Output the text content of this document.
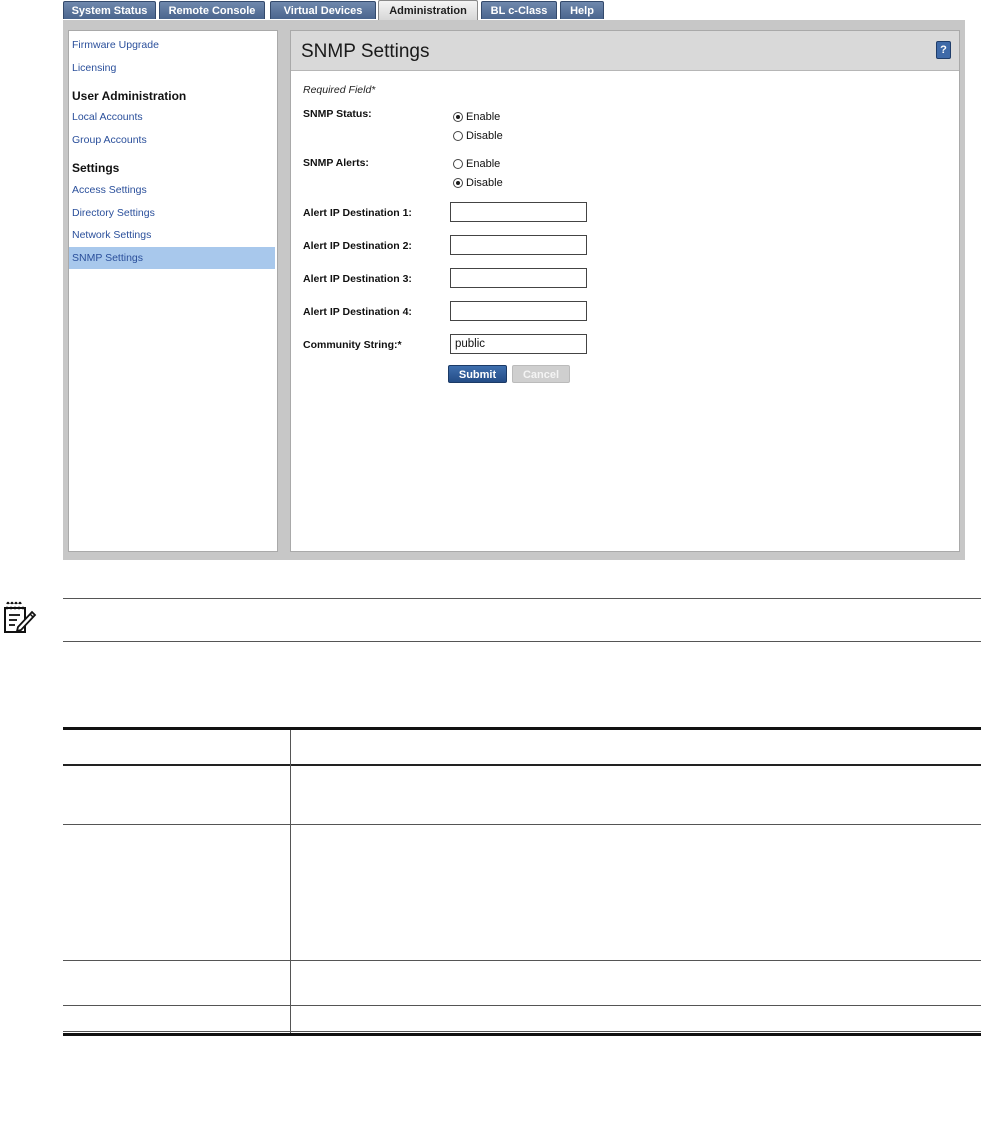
System Status	Remote Console	Virtual Devices	Administration	BL c-Class	Help
Firmware Upgrade
Licensing
User Administration
Local Accounts
Group Accounts
Settings
Access Settings
Directory Settings
Network Settings
SNMP Settings
SNMP Settings	?
Required Field*
SNMP Status:	Enable
Disable
SNMP Alerts:	Enable
Disable
Alert IP Destination 1:
Alert IP Destination 2:
Alert IP Destination 3:
Alert IP Destination 4:
Community String:*
public
Submit	Cancel
